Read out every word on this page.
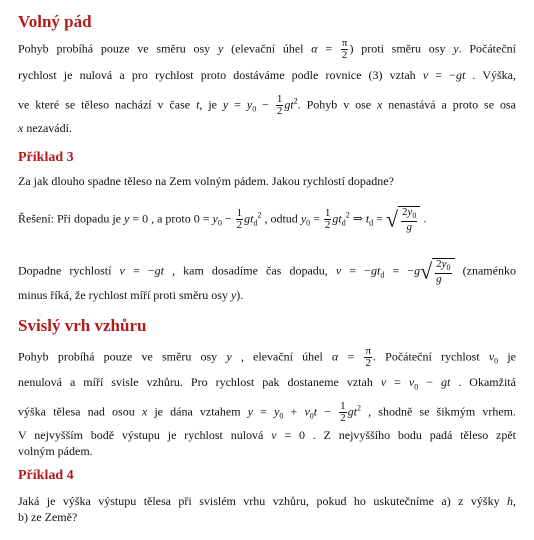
Volný pád
Pohyb probíhá pouze ve směru osy y (elevační úhel $\alpha = \frac{\pi}{2}$ ) proti směru osy y. Počáteční
rychlost je nulová a pro rychlost proto dostáváme podle rovnice (3) vztah v = −gt . Výška,
ve které se těleso nachází v čase t, je $y = y_0 - \frac{1}{2} gt^2$. Pohyb v ose x nenastává a proto se osa
x nezavádí.
Příklad 3
Za jak dlouho spadne těleso na Zem volným pádem. Jakou rychlostí dopadne?
Řešení: Při dopadu je y = 0 , a proto $0 = y_0 - \frac{1}{2} gt_d^2$ , odtud $y_0 = \frac{1}{2} gt_d^2$ ⇒ $t_d$ = √ $\frac{2y_0}{g}$ .
Dopadne rychlostí v = −gt , kam dosadíme čas dopadu, $v = -gt_d = -g√ \frac{2y_0}{g}$ (znaménko
minus říká, že rychlost míří proti směru osy y).
Svislý vrh vzhůru
Pohyb probíhá pouze ve směru osy y , elevační úhel $\alpha = \frac{\pi}{2}$ . Počáteční rychlost $v_0$ je
nenulová a míří svisle vzhůru. Pro rychlost pak dostaneme vztah $v = v_0$ − gt . Okamžitá
výška tělesa nad osou x je dána vztahem $y = y_0 + v_0t - \frac{1}{2} gt^2$ , shodně se šikmým vrhem.
V nejvyšším bodě výstupu je rychlost nulová v = 0 . Z nejvyššího bodu padá těleso zpět
volným pádem.
Příklad 4
Jaká je výška výstupu tělesa při svislém vrhu vzhůru, pokud ho uskutečníme a) z výšky h,
b) ze Země?
